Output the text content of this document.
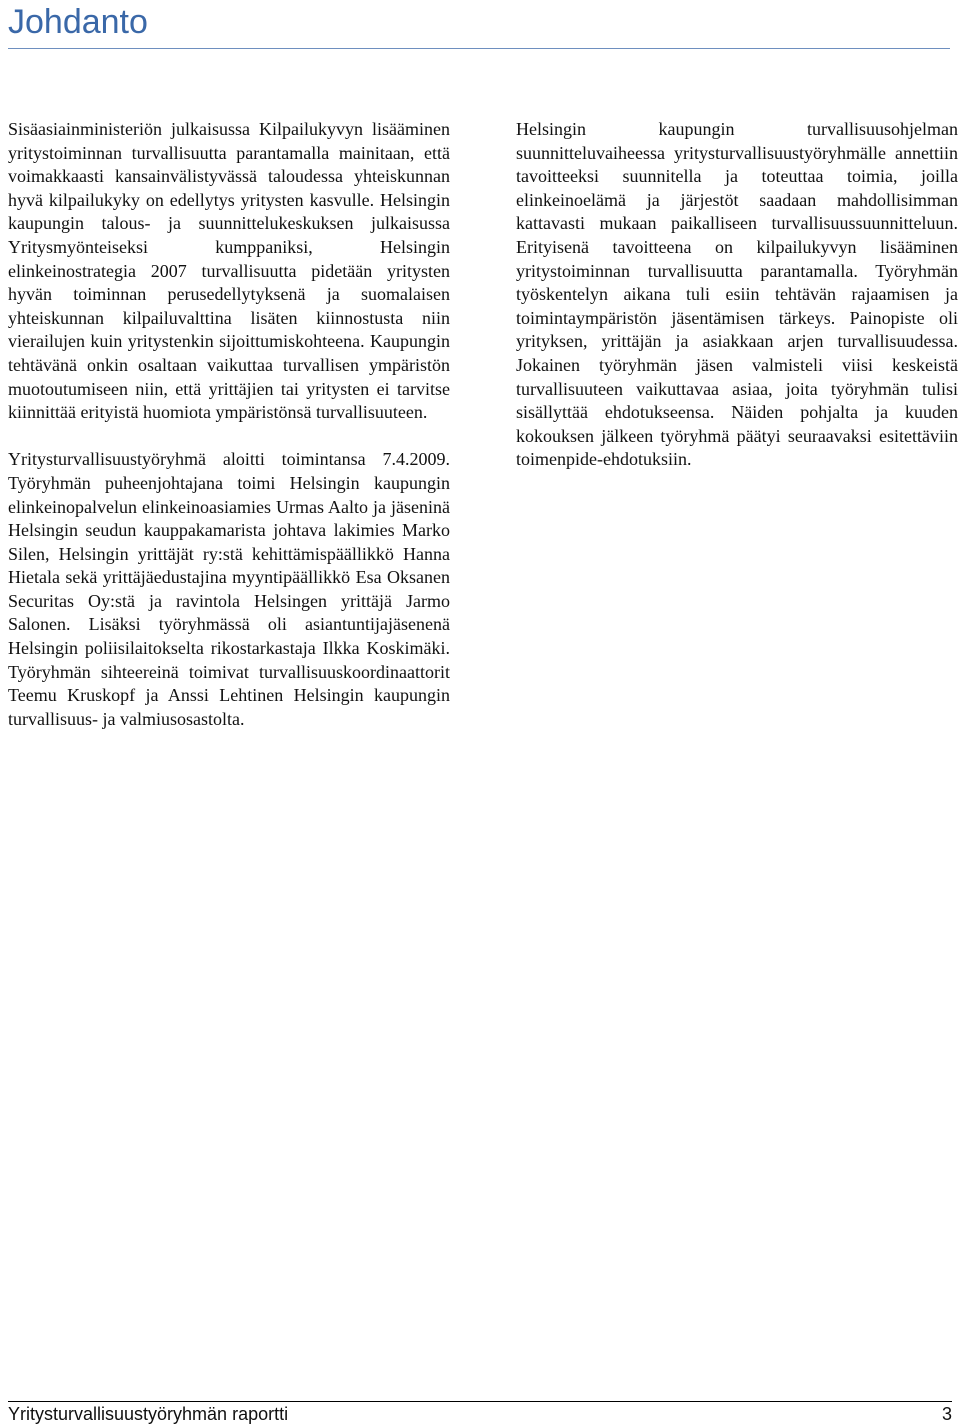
Johdanto

Sisäasiainministeriön julkaisussa Kilpailukyvyn lisääminen yritystoiminnan turvallisuutta parantamalla mainitaan, että voimakkaasti kansainvälistyvässä taloudessa yhteiskunnan hyvä kilpailukyky on edellytys yritysten kasvulle. Helsingin kaupungin talous- ja suunnittelukeskuksen julkaisussa Yritysmyönteiseksi kumppaniksi, Helsingin elinkeinostrategia 2007 turvallisuutta pidetään yritysten hyvän toiminnan perusedellytyksenä ja suomalaisen yhteiskunnan kilpailuvalttina lisäten kiinnostusta niin vierailujen kuin yritystenkin sijoittumiskohteena. Kaupungin tehtävänä onkin osaltaan vaikuttaa turvallisen ympäristön muotoutumiseen niin, että yrittäjien tai yritysten ei tarvitse kiinnittää erityistä huomiota ympäristönsä turvallisuuteen.

Yritysturvallisuustyöryhmä aloitti toimintansa 7.4.2009. Työryhmän puheenjohtajana toimi Helsingin kaupungin elinkeinopalvelun elinkeinoasiamies Urmas Aalto ja jäseninä Helsingin seudun kauppakamarista johtava lakimies Marko Silen, Helsingin yrittäjät ry:stä kehittämispäällikkö Hanna Hietala sekä yrittäjäedustajina myyntipäällikkö Esa Oksanen Securitas Oy:stä ja ravintola Helsingen yrittäjä Jarmo Salonen. Lisäksi työryhmässä oli asiantuntijajäsenenä Helsingin poliisilaitokselta rikostarkastaja Ilkka Koskimäki. Työryhmän sihteereinä toimivat turvallisuuskoordinaattorit Teemu Kruskopf ja Anssi Lehtinen Helsingin kaupungin turvallisuus- ja valmiusosastolta.

Helsingin kaupungin turvallisuusohjelman suunnitteluvaiheessa yritysturvallisuustyöryhmälle annettiin tavoitteeksi suunnitella ja toteuttaa toimia, joilla elinkeinoelämä ja järjestöt saadaan mahdollisimman kattavasti mukaan paikalliseen turvallisuussuunnitteluun. Erityisenä tavoitteena on kilpailukyvyn lisääminen yritystoiminnan turvallisuutta parantamalla. Työryhmän työskentelyn aikana tuli esiin tehtävän rajaamisen ja toimintaympäristön jäsentämisen tärkeys. Painopiste oli yrityksen, yrittäjän ja asiakkaan arjen turvallisuudessa. Jokainen työryhmän jäsen valmisteli viisi keskeistä turvallisuuteen vaikuttavaa asiaa, joita työryhmän tulisi sisällyttää ehdotukseensa. Näiden pohjalta ja kuuden kokouksen jälkeen työryhmä päätyi seuraavaksi esitettäviin toimenpide-ehdotuksiin.

Yritysturvallisuustyöryhmän raportti	3
